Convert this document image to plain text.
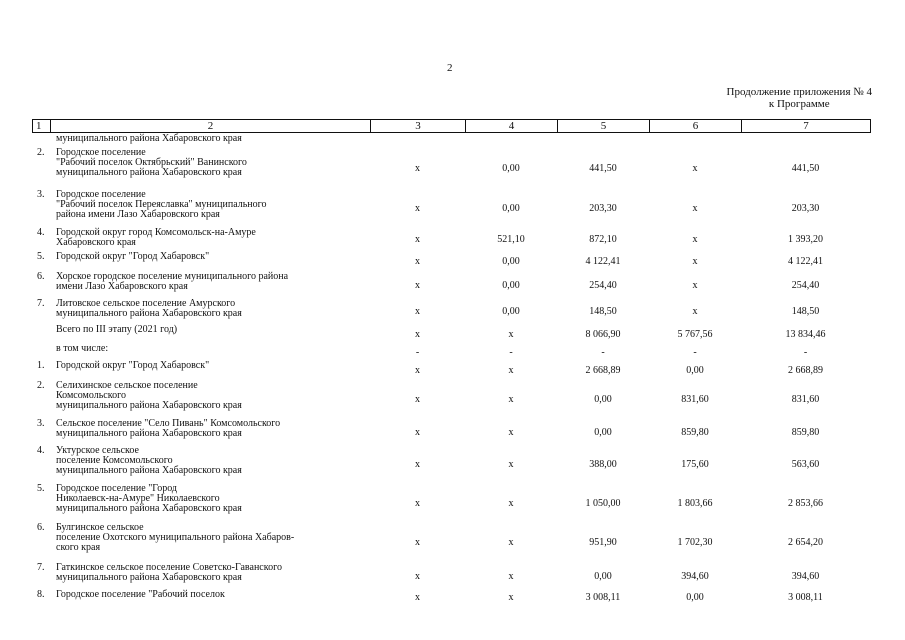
2
Продолжение приложения № 4
к Программе
1	2	3	4	5	6	7
	муниципального района Хабаровского края					
2.	Городское поселение
"Рабочий поселок Октябрьский" Ванинского
муниципального района Хабаровского края	x	0,00	441,50	x	441,50
3.	Городское поселение
"Рабочий поселок Переяславка" муниципального
района имени Лазо Хабаровского края	x	0,00	203,30	x	203,30
4.	Городской округ город Комсомольск-на-Амуре
Хабаровского края	x	521,10	872,10	x	1 393,20
5.	Городской округ "Город Хабаровск"	x	0,00	4 122,41	x	4 122,41
6.	Хорское городское поселение муниципального района
имени Лазо Хабаровского края	x	0,00	254,40	x	254,40
7.	Литовское сельское поселение Амурского
муниципального района Хабаровского края	x	0,00	148,50	x	148,50

	Всего по III этапу (2021 год)	x	x	8 066,90	5 767,56	13 834,46

	в том числе:	-	-	-	-	-
1.	Городской округ "Город Хабаровск"	x	x	2 668,89	0,00	2 668,89
2.	Селихинское сельское поселение
Комсомольского
муниципального района Хабаровского края	x	x	0,00	831,60	831,60
3.	Сельское поселение "Село Пивань" Комсомольского
муниципального района Хабаровского края	x	x	0,00	859,80	859,80
4.	Уктурское сельское
поселение Комсомольского
муниципального района Хабаровского края	x	x	388,00	175,60	563,60
5.	Городское поселение "Город
Николаевск-на-Амуре" Николаевского
муниципального района Хабаровского края	x	x	1 050,00	1 803,66	2 853,66
6.	Булгинское сельское
поселение Охотского муниципального района Хабаров-
ского края	x	x	951,90	1 702,30	2 654,20
7.	Гаткинское сельское поселение Советско-Гаванского
муниципального района Хабаровского края	x	x	0,00	394,60	394,60
8.	Городское поселение "Рабочий поселок	x	x	3 008,11	0,00	3 008,11
